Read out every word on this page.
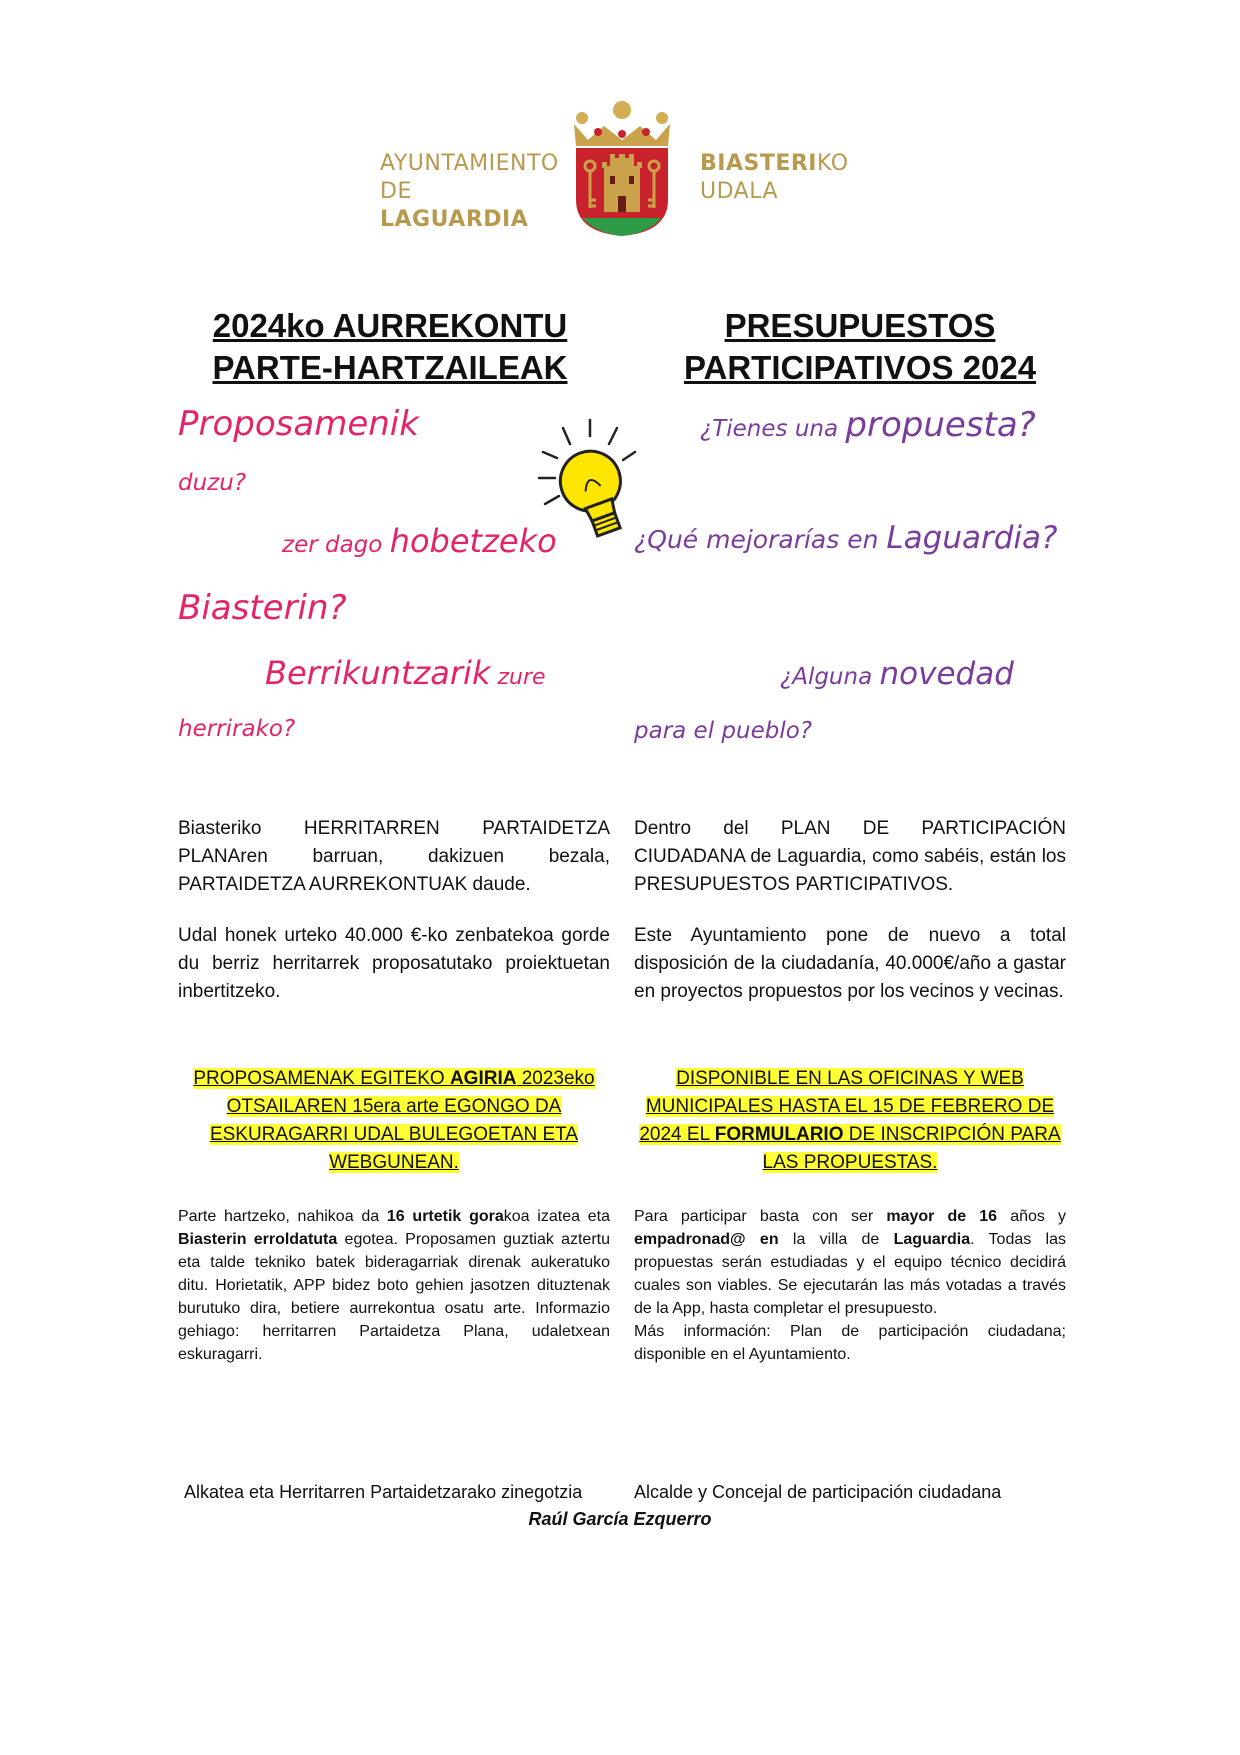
AYUNTAMIENTO
DE LAGUARDIA
BIASTERIKO
UDALA
2024ko AURREKONTU
PARTE-HARTZAILEAK
PRESUPUESTOS
PARTICIPATIVOS 2024
Proposamenik
duzu?
zer dago hobetzeko
Biasterin?
Berrikuntzarik zure
herrirako?
¿Tienes una propuesta?
¿Qué mejorarías en Laguardia?
¿Alguna novedad
para el pueblo?
Biasteriko HERRITARREN PARTAIDETZA PLANAren barruan, dakizuen bezala, PARTAIDETZA AURREKONTUAK daude.
Udal honek urteko 40.000 €-ko zenbatekoa gorde du berriz herritarrek proposatutako proiektuetan inbertitzeko.
Dentro del PLAN DE PARTICIPACIÓN CIUDADANA de Laguardia, como sabéis, están los PRESUPUESTOS PARTICIPATIVOS.
Este Ayuntamiento pone de nuevo a total disposición de la ciudadanía, 40.000€/año a gastar en proyectos propuestos por los vecinos y vecinas.
PROPOSAMENAK EGITEKO AGIRIA 2023eko OTSAILAREN 15era arte EGONGO DA ESKURAGARRI UDAL BULEGOETAN ETA WEBGUNEAN.
DISPONIBLE EN LAS OFICINAS Y WEB MUNICIPALES HASTA EL 15 DE FEBRERO DE 2024 EL FORMULARIO DE INSCRIPCIÓN PARA LAS PROPUESTAS.
Parte hartzeko, nahikoa da 16 urtetik gorakoa izatea eta Biasterin erroldatuta egotea. Proposamen guztiak aztertu eta talde tekniko batek bideragarriak direnak aukeratuko ditu. Horietatik, APP bidez boto gehien jasotzen dituztenak burutuko dira, betiere aurrekontua osatu arte. Informazio gehiago: herritarren Partaidetza Plana, udaletxean eskuragarri.
Para participar basta con ser mayor de 16 años y empadronad@ en la villa de Laguardia. Todas las propuestas serán estudiadas y el equipo técnico decidirá cuales son viables. Se ejecutarán las más votadas a través de la App, hasta completar el presupuesto.
Más información: Plan de participación ciudadana; disponible en el Ayuntamiento.
Alkatea eta Herritarren Partaidetzarako zinegotzia	Alcalde y Concejal de participación ciudadana
Raúl García Ezquerro
